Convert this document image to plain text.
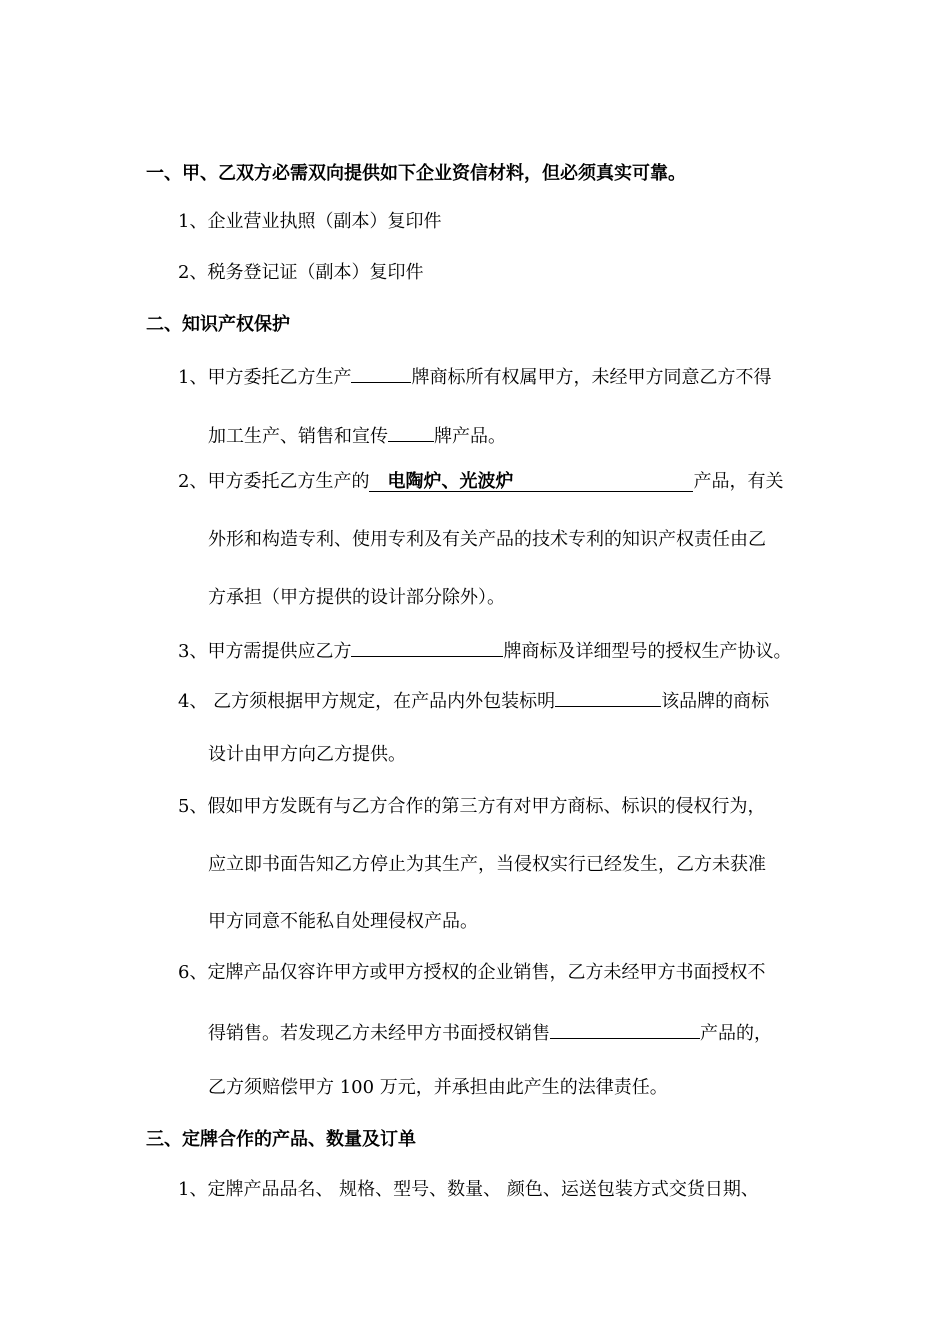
一、甲、乙双方必需双向提供如下企业资信材料，但必须真实可靠。
1、企业营业执照（副本）复印件
2、税务登记证（副本）复印件
二、知识产权保护
1、甲方委托乙方生产	牌商标所有权属甲方，未经甲方同意乙方不得
加工生产、销售和宣传	牌产品。
2、甲方委托乙方生产的 电陶炉、光波炉	产品，有关
外形和构造专利、使用专利及有关产品的技术专利的知识产权责任由乙
方承担（甲方提供的设计部分除外）。
3、甲方需提供应乙方	牌商标及详细型号的授权生产协议。
4、 乙方须根据甲方规定，在产品内外包装标明	该品牌的商标
设计由甲方向乙方提供。
5、假如甲方发既有与乙方合作的第三方有对甲方商标、标识的侵权行为，
应立即书面告知乙方停止为其生产，当侵权实行已经发生，乙方未获准
甲方同意不能私自处理侵权产品。
6、定牌产品仅容许甲方或甲方授权的企业销售，乙方未经甲方书面授权不
得销售。若发现乙方未经甲方书面授权销售	产品的，
乙方须赔偿甲方 100 万元，并承担由此产生的法律责任。
三、定牌合作的产品、数量及订单
1、定牌产品品名、 规格、型号、数量、 颜色、运送包装方式交货日期、
